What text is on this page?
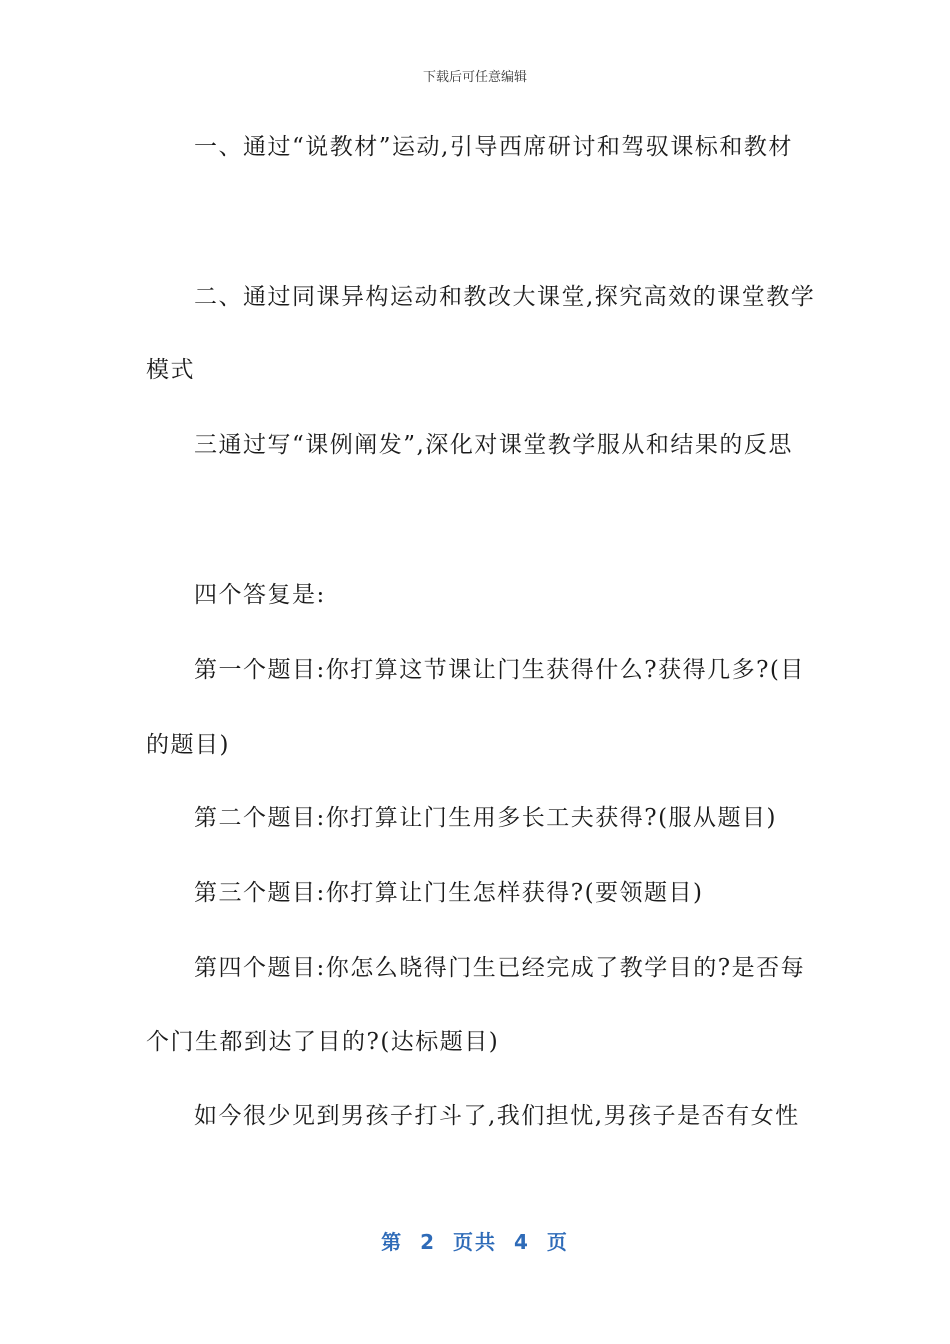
下载后可任意编辑
一、通过“说教材”运动,引导西席研讨和驾驭课标和教材
二、通过同课异构运动和教改大课堂,探究高效的课堂教学
模式
三通过写“课例阐发”,深化对课堂教学服从和结果的反思
四个答复是:
第一个题目:你打算这节课让门生获得什么?获得几多?(目
的题目)
第二个题目:你打算让门生用多长工夫获得?(服从题目)
第三个题目:你打算让门生怎样获得?(要领题目)
第四个题目:你怎么晓得门生已经完成了教学目的?是否每
个门生都到达了目的?(达标题目)
如今很少见到男孩子打斗了,我们担忧,男孩子是否有女性
第 2 页共 4 页
